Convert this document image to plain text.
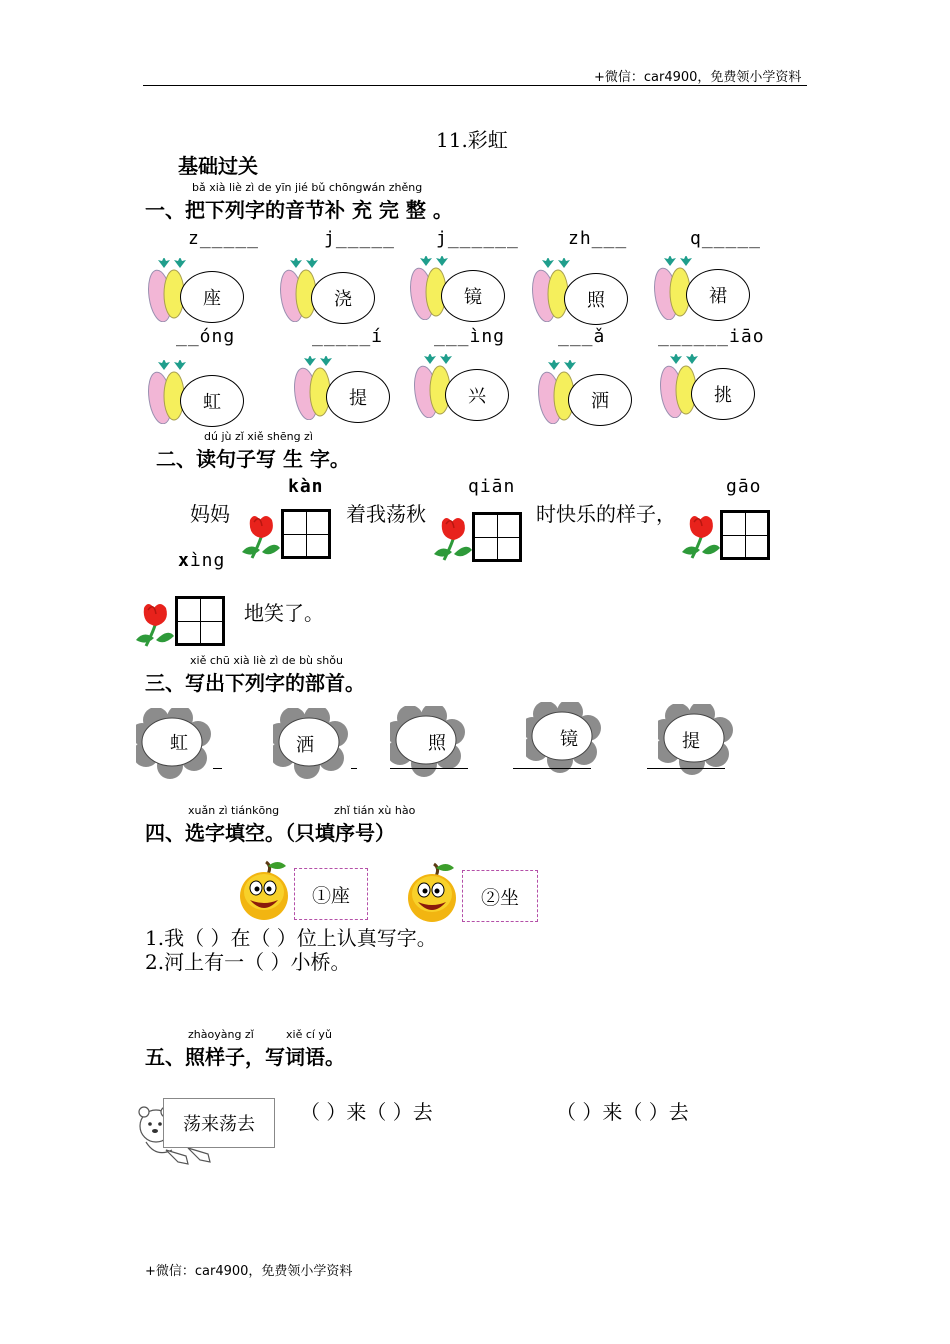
+微信：car4900，免费领小学资料
11.彩虹
基础过关
bǎ xià liè zì de yīn jié bǔ chōngwán zhěng
一、把下列字的音节补 充 完 整 。
z_____	j_____ j______	zh___	q_____
座	浇	镜	照	裙
__óng	_____í	___ìng	___ǎ	______iāo
虹	提	兴	洒	挑
dú jù zǐ xiě shēng zì
二、读句子写 生 字。
kàn	qiān	gāo
妈妈	着我荡秋	时快乐的样子，
xìng
地笑了。
xiě chū xià liè zì de bù shǒu
三、写出下列字的部首。
虹	洒	照	镜	提
xuǎn zì tiánkōng	zhǐ tián xù hào
四、选字填空。（只填序号）
①座	②坐
1.我（ ）在（ ）位上认真写字。
2.河上有一（ ）小桥。
zhàoyàng zǐ	xiě cí yǔ
五、照样子，写词语。
荡来荡去
（ ）来（ ）去	（ ）来（ ）去
+微信：car4900，免费领小学资料
